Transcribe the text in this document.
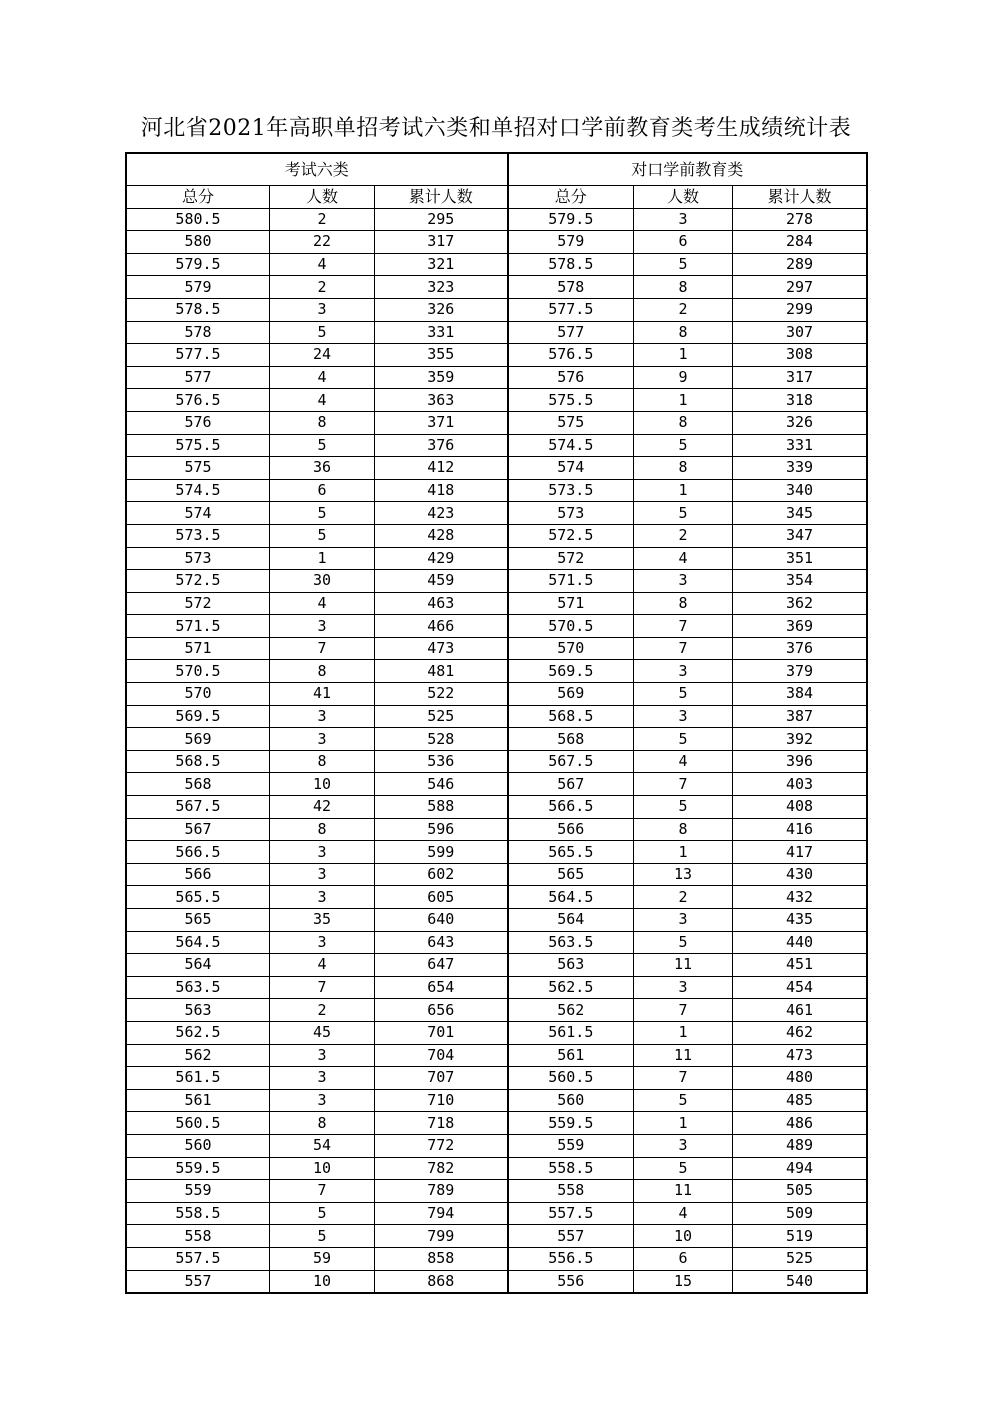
河北省2021年高职单招考试六类和单招对口学前教育类考生成绩统计表
考试六类			对口学前教育类		
总分	人数	累计人数	总分	人数	累计人数
580.5	2	295	579.5	3	278
580	22	317	579	6	284
579.5	4	321	578.5	5	289
579	2	323	578	8	297
578.5	3	326	577.5	2	299
578	5	331	577	8	307
577.5	24	355	576.5	1	308
577	4	359	576	9	317
576.5	4	363	575.5	1	318
576	8	371	575	8	326
575.5	5	376	574.5	5	331
575	36	412	574	8	339
574.5	6	418	573.5	1	340
574	5	423	573	5	345
573.5	5	428	572.5	2	347
573	1	429	572	4	351
572.5	30	459	571.5	3	354
572	4	463	571	8	362
571.5	3	466	570.5	7	369
571	7	473	570	7	376
570.5	8	481	569.5	3	379
570	41	522	569	5	384
569.5	3	525	568.5	3	387
569	3	528	568	5	392
568.5	8	536	567.5	4	396
568	10	546	567	7	403
567.5	42	588	566.5	5	408
567	8	596	566	8	416
566.5	3	599	565.5	1	417
566	3	602	565	13	430
565.5	3	605	564.5	2	432
565	35	640	564	3	435
564.5	3	643	563.5	5	440
564	4	647	563	11	451
563.5	7	654	562.5	3	454
563	2	656	562	7	461
562.5	45	701	561.5	1	462
562	3	704	561	11	473
561.5	3	707	560.5	7	480
561	3	710	560	5	485
560.5	8	718	559.5	1	486
560	54	772	559	3	489
559.5	10	782	558.5	5	494
559	7	789	558	11	505
558.5	5	794	557.5	4	509
558	5	799	557	10	519
557.5	59	858	556.5	6	525
557	10	868	556	15	540
